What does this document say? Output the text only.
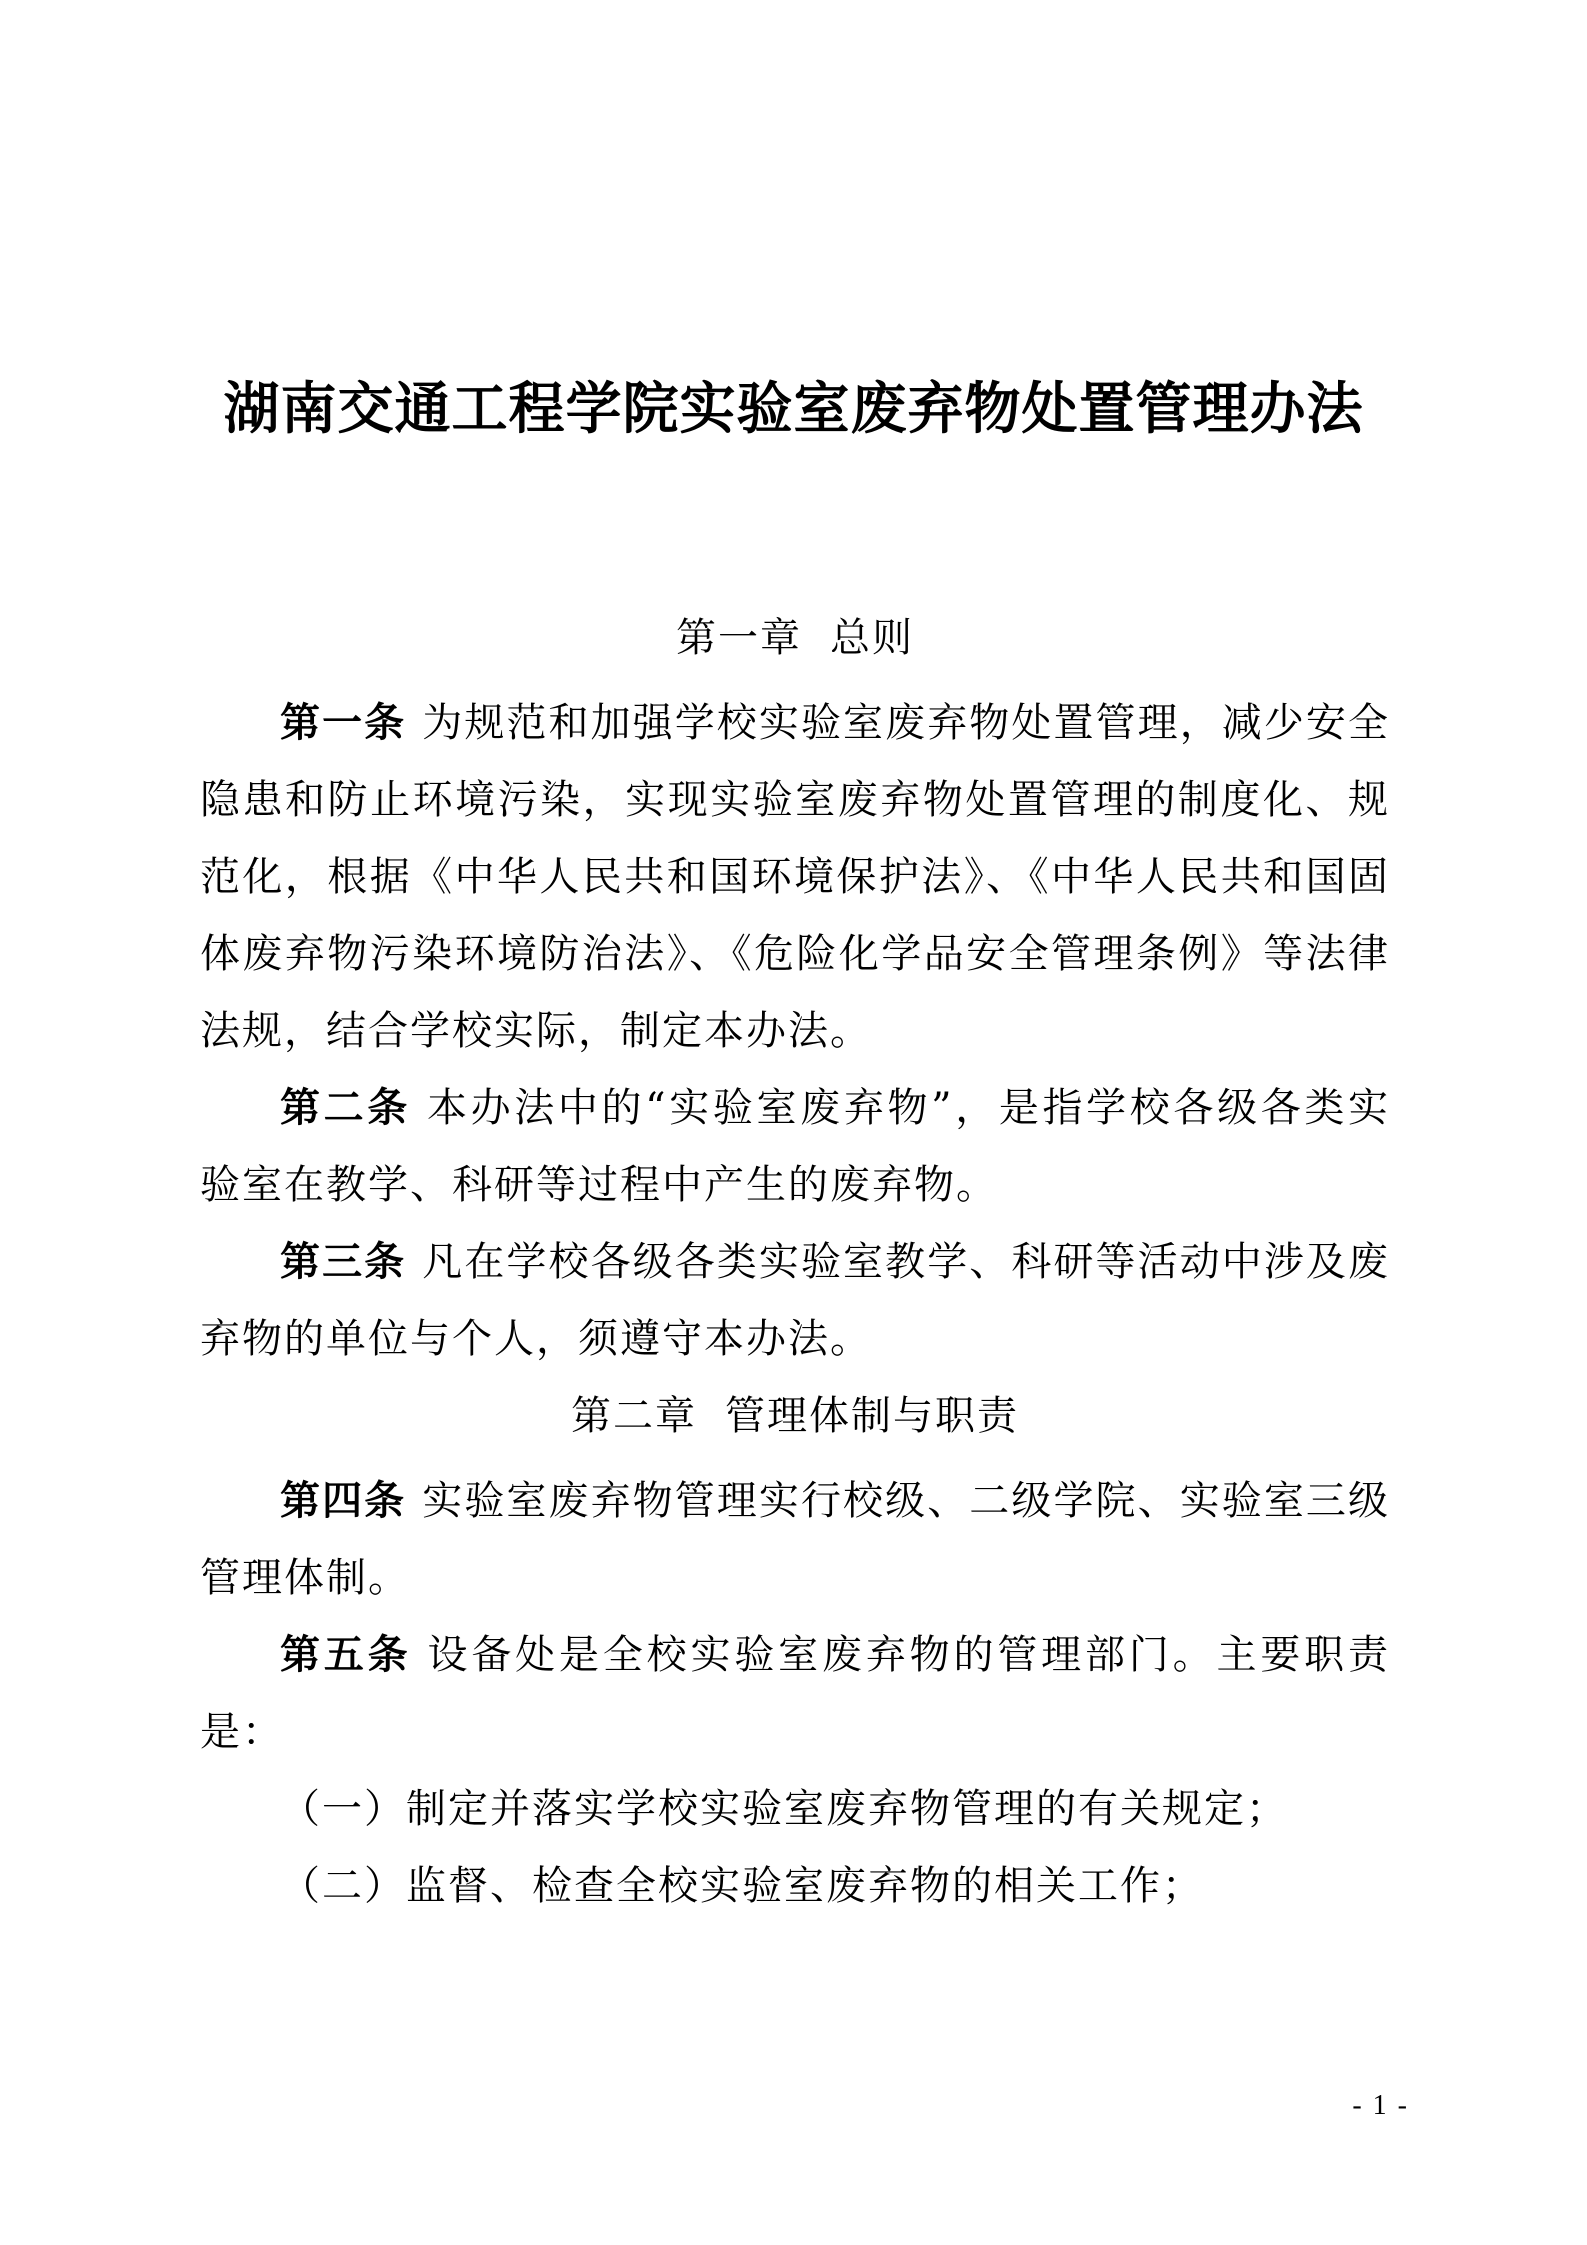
湖南交通工程学院实验室废弃物处置管理办法

第一章 总则

第一条 为规范和加强学校实验室废弃物处置管理，减少安全隐患和防止环境污染，实现实验室废弃物处置管理的制度化、规范化，根据《中华人民共和国环境保护法》、《中华人民共和国固体废弃物污染环境防治法》、《危险化学品安全管理条例》等法律法规，结合学校实际，制定本办法。

第二条 本办法中的“实验室废弃物”，是指学校各级各类实验室在教学、科研等过程中产生的废弃物。

第三条 凡在学校各级各类实验室教学、科研等活动中涉及废弃物的单位与个人，须遵守本办法。

第二章 管理体制与职责

第四条 实验室废弃物管理实行校级、二级学院、实验室三级管理体制。

第五条 设备处是全校实验室废弃物的管理部门。主要职责是：

（一）制定并落实学校实验室废弃物管理的有关规定；

（二）监督、检查全校实验室废弃物的相关工作；

- 1 -
